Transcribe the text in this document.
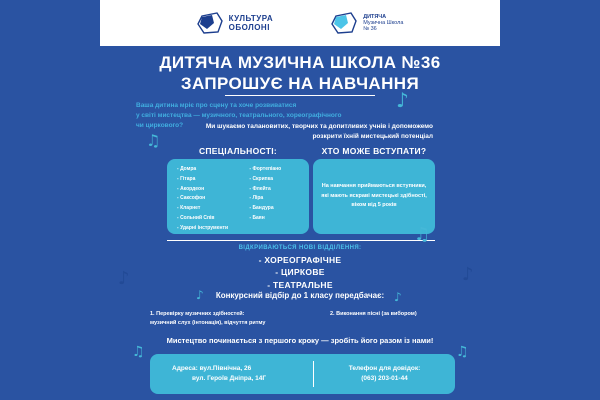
КУЛЬТУРА
ОБОЛОНІ
ДИТЯЧА
Музична Школа
№ 36
ДИТЯЧА МУЗИЧНА ШКОЛА №36
ЗАПРОШУЄ НА НАВЧАННЯ
Ваша дитина мріє про сцену та хоче розвиватися
у світі мистецтва — музичного, театрального, хореографічного
чи циркового?	Ми шукаємо талановитих, творчих та допитливих учнів і допоможемо
розкрити їхній мистецький потенціал
СПЕЦІАЛЬНОСТІ:
- Домра
- Гітара
- Акордеон
- Саксофон
- Кларнет
- Сольний Спів
- Ударні інструменти
- Фортепіано
- Скрипка
- Флейта
- Ліра
- Бандура
- Баян
ХТО МОЖЕ ВСТУПАТИ?
На навчання приймаються вступники,
які мають яскраві мистецькі здібності,
віком від 5 років
ВІДКРИВАЮТЬСЯ НОВІ ВІДДІЛЕННЯ:
- ХОРЕОГРАФІЧНЕ
- ЦИРКОВЕ
- ТЕАТРАЛЬНЕ
Конкурсний відбір до 1 класу передбачає:
1. Перевірку музичних здібностей:
музичний слух (інтонація), відчуття ритму
2. Виконання пісні (за вибором)
Мистецтво починається з першого кроку — зробіть його разом із нами!
♪
♫
♫
♪	♪
♪	♪
♫	♫
Адреса: вул.Північна, 26
вул. Героїв Дніпра, 14Г
Телефон для довідок:
(063) 203-01-44
